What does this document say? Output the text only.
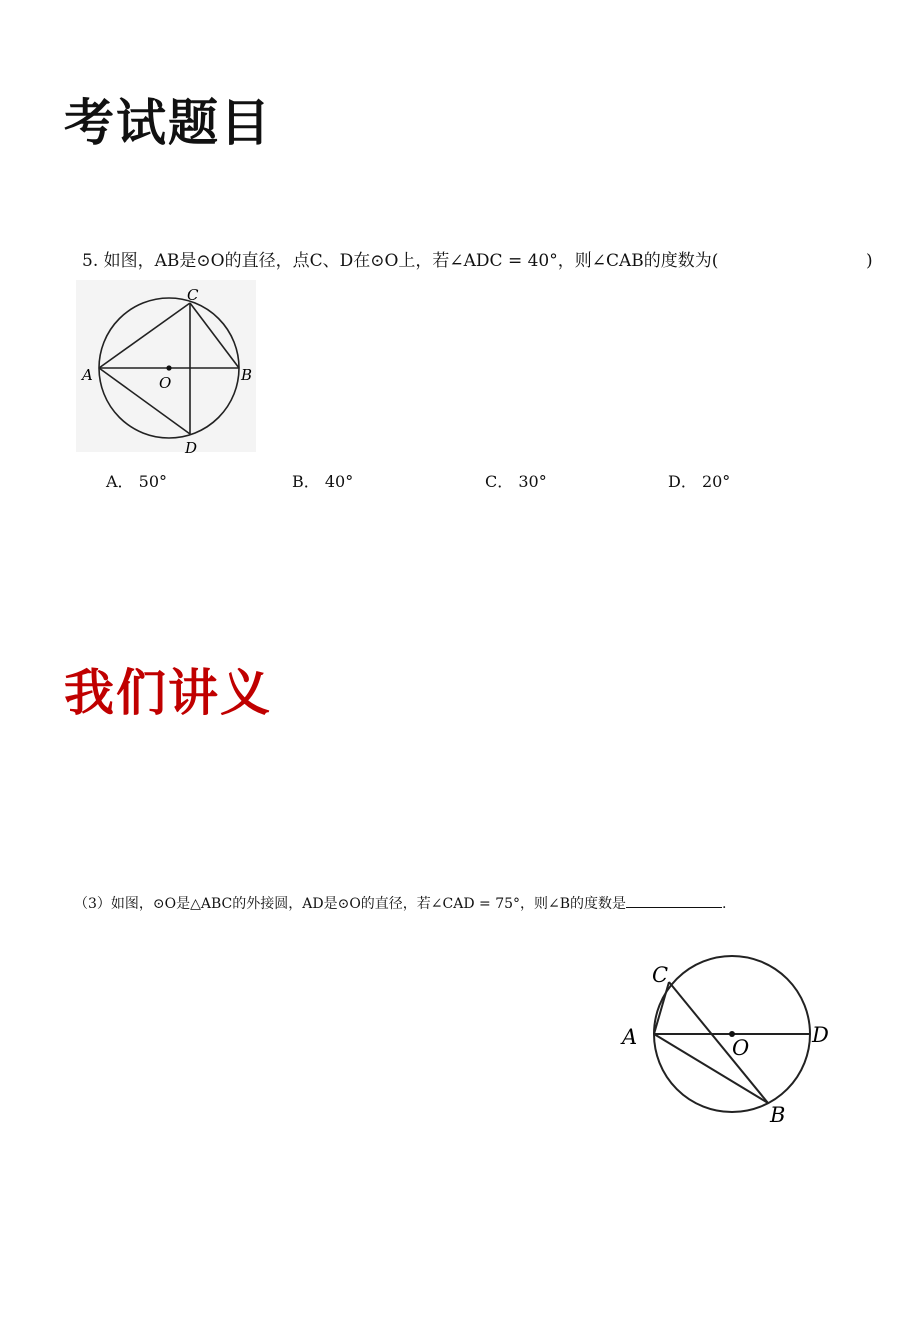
考试题目
5. 如图，AB是⊙O的直径，点C、D在⊙O上，若∠ADC = 40°，则∠CAB的度数为(	)
C
A	B
O
D
A． 50°	B． 40°	C． 30°	D． 20°
我们讲义
（3）如图，⊙O是△ABC的外接圆，AD是⊙O的直径，若∠CAD = 75°，则∠B的度数是	.
C
A	O
D
B
